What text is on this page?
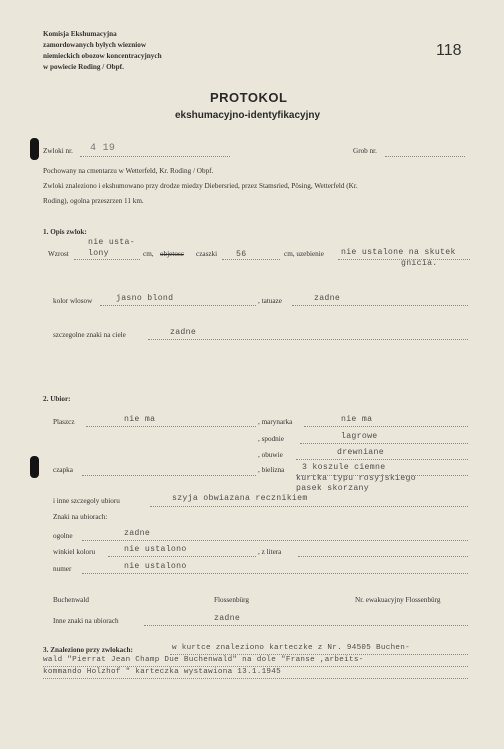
Komisja Ekshumacyjna
zamordowanych byłych wiezniow
niemieckich obozow koncentracyjnych
w powiecie Roding / Obpf.
118
PROTOKOL
ekshumacyjno-identyfikacyjny
Zwloki nr. 4 19	Grob nr.
Pochowany na cmentarzu w Wetterfeld, Kr. Roding / Obpf.
Zwloki znaleziono i ekshumowano przy drodze miedzy Diebersried, przez Stamsried, Pösing, Wetterfeld (Kr.
Roding), ogolna przeszrzen 11 km.
1. Opis zwlok:
Wzrost
nie usta-
lony	cm, objetosc czaszki 56	cm, uzebienie nie ustalone na skutek
gnicia.
kolor wlosow	jasno blond	, tatuaze	zadne
szczegolne znaki na ciele	zadne
2. Ubior:
Plaszcz	nie ma	, marynarka	nie ma
, spodnie	lagrowe
, obuwie	drewniane
czapka	, bielizna 3 koszule ciemne
kurtka typu rosyjskiego
pasek skorzany
i inne szczegoly ubioru	szyja obwiazana recznikiem
Znaki na ubiorach:
ogolne	zadne
winkiel koloru	nie ustalono	, z litera
numer	nie ustalono
Buchenwald	Flossenbürg	Nr. ewakuacyjny Flossenbürg
Inne znaki na ubiorach	zadne
3. Znaleziono przy zwlokach:	w kurtce znaleziono karteczke z Nr. 94505 Buchen-
wald "Pierrat Jean Champ Due Buchenwald" na dole "Franse ,arbeits-
kommando Holzhof " karteczka wystawiona 13.1.1945
